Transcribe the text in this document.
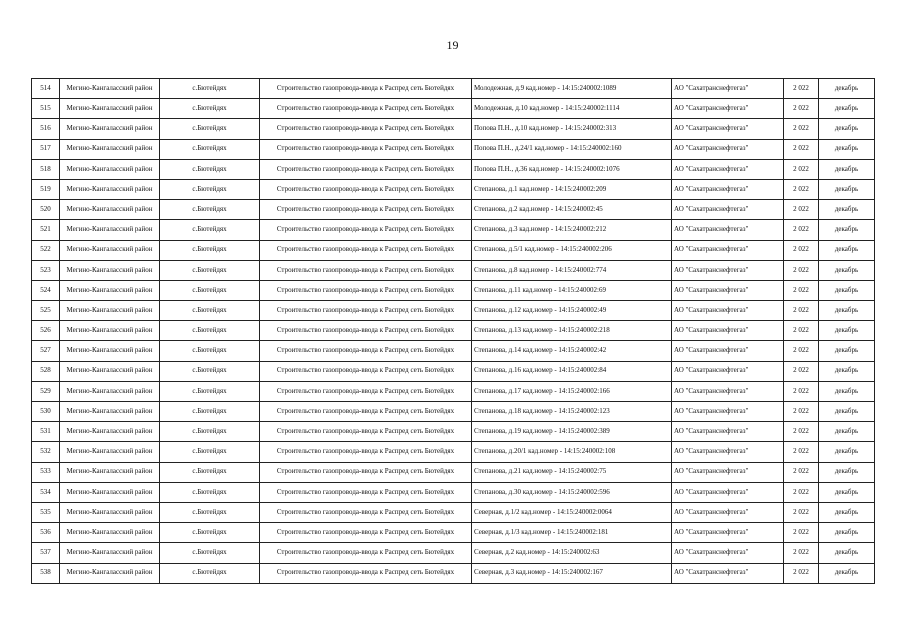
19
514	Мегино-Кангаласский район	с.Бютейдях	Строительство газопровода-ввода к Распред сеть Бютейдях	Молодежная, д.9 кад.номер - 14:15:240002:1089	АО "Сахатранснефтегаз"	2 022	декабрь
515	Мегино-Кангаласский район	с.Бютейдях	Строительство газопровода-ввода к Распред сеть Бютейдях	Молодежная, д.10 кад.номер - 14:15:240002:1114	АО "Сахатранснефтегаз"	2 022	декабрь
516	Мегино-Кангаласский район	с.Бютейдях	Строительство газопровода-ввода к Распред сеть Бютейдях	Попова П.Н., д.10 кад.номер - 14:15:240002:313	АО "Сахатранснефтегаз"	2 022	декабрь
517	Мегино-Кангаласский район	с.Бютейдях	Строительство газопровода-ввода к Распред сеть Бютейдях	Попова П.Н., д.24/1 кад.номер - 14:15:240002:160	АО "Сахатранснефтегаз"	2 022	декабрь
518	Мегино-Кангаласский район	с.Бютейдях	Строительство газопровода-ввода к Распред сеть Бютейдях	Попова П.Н., д.36 кад.номер - 14:15:240002:1076	АО "Сахатранснефтегаз"	2 022	декабрь
519	Мегино-Кангаласский район	с.Бютейдях	Строительство газопровода-ввода к Распред сеть Бютейдях	Степанова, д.1 кад.номер - 14:15:240002:209	АО "Сахатранснефтегаз"	2 022	декабрь
520	Мегино-Кангаласский район	с.Бютейдях	Строительство газопровода-ввода к Распред сеть Бютейдях	Степанова, д.2 кад.номер - 14:15:240002:45	АО "Сахатранснефтегаз"	2 022	декабрь
521	Мегино-Кангаласский район	с.Бютейдях	Строительство газопровода-ввода к Распред сеть Бютейдях	Степанова, д.3 кад.номер - 14:15:240002:212	АО "Сахатранснефтегаз"	2 022	декабрь
522	Мегино-Кангаласский район	с.Бютейдях	Строительство газопровода-ввода к Распред сеть Бютейдях	Степанова, д.5/1 кад.номер - 14:15:240002:206	АО "Сахатранснефтегаз"	2 022	декабрь
523	Мегино-Кангаласский район	с.Бютейдях	Строительство газопровода-ввода к Распред сеть Бютейдях	Степанова, д.8 кад.номер - 14:15:240002:774	АО "Сахатранснефтегаз"	2 022	декабрь
524	Мегино-Кангаласский район	с.Бютейдях	Строительство газопровода-ввода к Распред сеть Бютейдях	Степанова, д.11 кад.номер - 14:15:240002:69	АО "Сахатранснефтегаз"	2 022	декабрь
525	Мегино-Кангаласский район	с.Бютейдях	Строительство газопровода-ввода к Распред сеть Бютейдях	Степанова, д.12 кад.номер - 14:15:240002:49	АО "Сахатранснефтегаз"	2 022	декабрь
526	Мегино-Кангаласский район	с.Бютейдях	Строительство газопровода-ввода к Распред сеть Бютейдях	Степанова, д.13 кад.номер - 14:15:240002:218	АО "Сахатранснефтегаз"	2 022	декабрь
527	Мегино-Кангаласский район	с.Бютейдях	Строительство газопровода-ввода к Распред сеть Бютейдях	Степанова, д.14 кад.номер - 14:15:240002:42	АО "Сахатранснефтегаз"	2 022	декабрь
528	Мегино-Кангаласский район	с.Бютейдях	Строительство газопровода-ввода к Распред сеть Бютейдях	Степанова, д.16 кад.номер - 14:15:240002:84	АО "Сахатранснефтегаз"	2 022	декабрь
529	Мегино-Кангаласский район	с.Бютейдях	Строительство газопровода-ввода к Распред сеть Бютейдях	Степанова, д.17 кад.номер - 14:15:240002:166	АО "Сахатранснефтегаз"	2 022	декабрь
530	Мегино-Кангаласский район	с.Бютейдях	Строительство газопровода-ввода к Распред сеть Бютейдях	Степанова, д.18 кад.номер - 14:15:240002:123	АО "Сахатранснефтегаз"	2 022	декабрь
531	Мегино-Кангаласский район	с.Бютейдях	Строительство газопровода-ввода к Распред сеть Бютейдях	Степанова, д.19 кад.номер - 14:15:240002:389	АО "Сахатранснефтегаз"	2 022	декабрь
532	Мегино-Кангаласский район	с.Бютейдях	Строительство газопровода-ввода к Распред сеть Бютейдях	Степанова, д.20/1 кад.номер - 14:15:240002:108	АО "Сахатранснефтегаз"	2 022	декабрь
533	Мегино-Кангаласский район	с.Бютейдях	Строительство газопровода-ввода к Распред сеть Бютейдях	Степанова, д.21 кад.номер - 14:15:240002:75	АО "Сахатранснефтегаз"	2 022	декабрь
534	Мегино-Кангаласский район	с.Бютейдях	Строительство газопровода-ввода к Распред сеть Бютейдях	Степанова, д.30 кад.номер - 14:15:240002:596	АО "Сахатранснефтегаз"	2 022	декабрь
535	Мегино-Кангаласский район	с.Бютейдях	Строительство газопровода-ввода к Распред сеть Бютейдях	Северная, д.1/2 кад.номер - 14:15:240002:0064	АО "Сахатранснефтегаз"	2 022	декабрь
536	Мегино-Кангаласский район	с.Бютейдях	Строительство газопровода-ввода к Распред сеть Бютейдях	Северная, д.1/3 кад.номер - 14:15:240002:181	АО "Сахатранснефтегаз"	2 022	декабрь
537	Мегино-Кангаласский район	с.Бютейдях	Строительство газопровода-ввода к Распред сеть Бютейдях	Северная, д.2 кад.номер - 14:15:240002:63	АО "Сахатранснефтегаз"	2 022	декабрь
538	Мегино-Кангаласский район	с.Бютейдях	Строительство газопровода-ввода к Распред сеть Бютейдях	Северная, д.3 кад.номер - 14:15:240002:167	АО "Сахатранснефтегаз"	2 022	декабрь
